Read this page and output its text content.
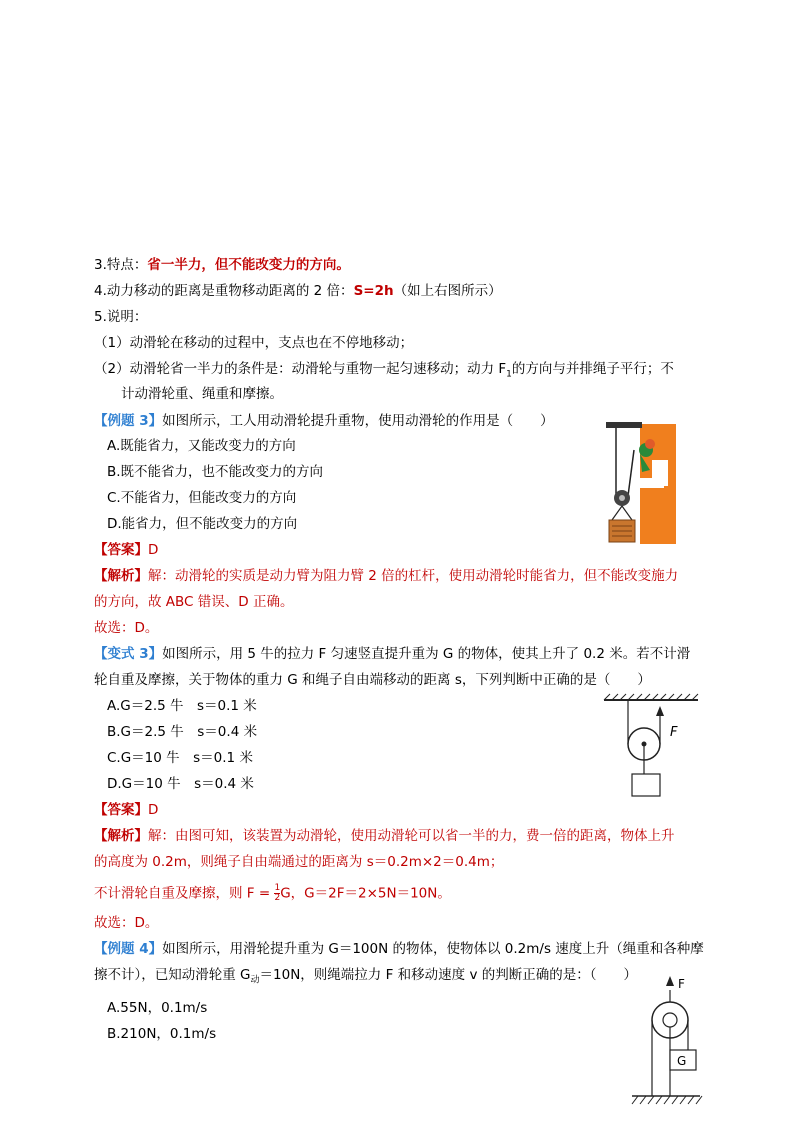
3.特点：省一半力，但不能改变力的方向。
4.动力移动的距离是重物移动距离的 2 倍：S=2h（如上右图所示）
5.说明：
（1）动滑轮在移动的过程中，支点也在不停地移动；
（2）动滑轮省一半力的条件是：动滑轮与重物一起匀速移动；动力 $F_1$的方向与并排绳子平行；不
计动滑轮重、绳重和摩擦。
【例题 3】如图所示，工人用动滑轮提升重物，使用动滑轮的作用是（　　）
A.既能省力，又能改变力的方向
B.既不能省力，也不能改变力的方向
C.不能省力，但能改变力的方向
D.能省力，但不能改变力的方向
【答案】D
【解析】解：动滑轮的实质是动力臂为阻力臂 2 倍的杠杆，使用动滑轮时能省力，但不能改变施力
的方向，故 ABC 错误、D 正确。
故选：D。
【变式 3】如图所示，用 5 牛的拉力 F 匀速竖直提升重为 G 的物体，使其上升了 0.2 米。若不计滑
轮自重及摩擦，关于物体的重力 G 和绳子自由端移动的距离 s，下列判断中正确的是（　　）
A.G＝2.5 牛　s＝0.1 米
B.G＝2.5 牛　s＝0.4 米
C.G＝10 牛　s＝0.1 米
D.G＝10 牛　s＝0.4 米
【答案】D
【解析】解：由图可知，该装置为动滑轮，使用动滑轮可以省一半的力，费一倍的距离，物体上升
的高度为 0.2m，则绳子自由端通过的距离为 s＝0.2m×2＝0.4m；
不计滑轮自重及摩擦，则 $F = \frac{1}{2}$ G，G＝2F＝2×5N＝10N。
故选：D。
F
【例题 4】如图所示，用滑轮提升重为 G＝100N 的物体，使物体以 0.2m/s 速度上升（绳重和各种摩
擦不计），已知动滑轮重 $G_动=10N$，则绳端拉力 F 和移动速度 v 的判断正确的是：（　　）
A.55N，0.1m/s
B.210N，0.1m/s
F
G
